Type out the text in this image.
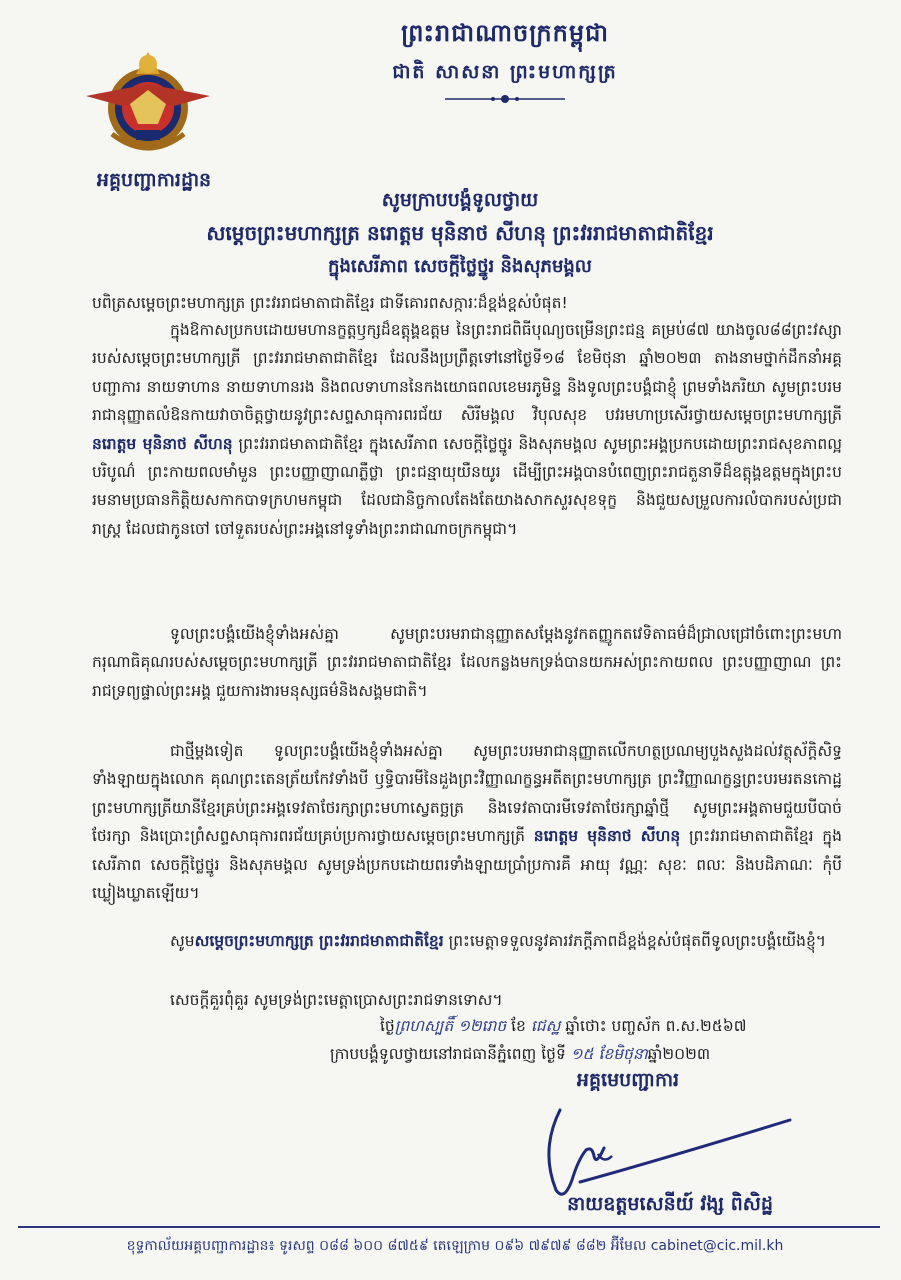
អគ្គបញ្ជាការដ្ឋាន
ព្រះរាជាណាចក្រកម្ពុជា
ជាតិ សាសនា ព្រះមហាក្សត្រ
សូមក្រាបបង្គំទូលថ្វាយ
សម្តេចព្រះមហាក្សត្រ នរោត្តម មុនិនាថ សីហនុ ព្រះវររាជមាតាជាតិខ្មែរ
ក្នុងសេរីភាព សេចក្តីថ្លៃថ្នូរ និងសុភមង្គល

បពិត្រសម្តេចព្រះមហាក្សត្រ ព្រះវររាជមាតាជាតិខ្មែរ ជាទីគោរពសក្ការៈដ៏ខ្ពង់ខ្ពស់បំផុត!

ក្នុងឱកាសប្រកបដោយមហានក្ខត្តឫក្សដ៏ឧត្តុង្គឧត្តម នៃព្រះរាជពិធីបុណ្យចម្រើនព្រះជន្ម គម្រប់៨៧ យាងចូល៨៨ព្រះវស្សារបស់សម្តេចព្រះមហាក្សត្រី ព្រះវររាជមាតាជាតិខ្មែរ ដែលនឹងប្រព្រឹត្តទៅនៅថ្ងៃទី១៨ ខែមិថុនា ឆ្នាំ២០២៣ តាងនាមថ្នាក់ដឹកនាំអគ្គបញ្ជាការ នាយទាហាន នាយទាហានរង និងពលទាហាននៃកងយោធពលខេមរភូមិន្ទ និងទូលព្រះបង្គំជាខ្ញុំ ព្រមទាំងភរិយា សូមព្រះបរមរាជានុញ្ញាតលំឱនកាយវាចាចិត្តថ្វាយនូវព្រះសព្ទសាធុការពរជ័យ សិរីមង្គល វិបុលសុខ បវរមហាប្រសើរថ្វាយសម្តេចព្រះមហាក្សត្រី នរោត្តម មុនិនាថ សីហនុ ព្រះវររាជមាតាជាតិខ្មែរ ក្នុងសេរីភាព សេចក្តីថ្លៃថ្នូរ និងសុភមង្គល សូមព្រះអង្គប្រកបដោយព្រះរាជសុខភាពល្អបរិបូណ៌ ព្រះកាយពលមាំមួន ព្រះបញ្ញាញាណភ្លឺថ្លា ព្រះជន្មាយុយឺនយូរ ដើម្បីព្រះអង្គបានបំពេញព្រះរាជតួនាទីដ៏ឧត្តុង្គឧត្តមក្នុងព្រះបរមនាមប្រធានកិត្តិយសកាកបាទក្រហមកម្ពុជា ដែលជានិច្ចកាលតែងតែយាងសាកសួរសុខទុក្ខ និងជួយសម្រួលការលំបាករបស់ប្រជារាស្ត្រ ដែលជាកូនចៅ ចៅទួតរបស់ព្រះអង្គនៅទូទាំងព្រះរាជាណាចក្រកម្ពុជា។

ទូលព្រះបង្គំយើងខ្ញុំទាំងអស់គ្នា សូមព្រះបរមរាជានុញ្ញាតសម្តែងនូវកតញ្ញូកតវេទិតាធម៌ដ៏ជ្រាលជ្រៅចំពោះព្រះមហាករុណាធិគុណរបស់សម្តេចព្រះមហាក្សត្រី ព្រះវររាជមាតាជាតិខ្មែរ ដែលកន្លងមកទ្រង់បានយកអស់ព្រះកាយពល ព្រះបញ្ញាញាណ ព្រះរាជទ្រព្យផ្ទាល់ព្រះអង្គ ជួយការងារមនុស្សធម៌និងសង្គមជាតិ។

ជាថ្មីម្តងទៀត ទូលព្រះបង្គំយើងខ្ញុំទាំងអស់គ្នា សូមព្រះបរមរាជានុញ្ញាតលើកហត្ថប្រណម្យបួងសួងដល់វត្ថុស័ក្តិសិទ្ធទាំងឡាយក្នុងលោក គុណព្រះតេនត្រ័យកែវទាំងបី ឫទ្ធិបារមីនៃដួងព្រះវិញ្ញាណក្ខន្ធអតីតព្រះមហាក្សត្រ ព្រះវិញ្ញាណក្ខន្ធព្រះបរមរតនកោដ្ឋ ព្រះមហាក្សត្រីយានីខ្មែរគ្រប់ព្រះអង្គទេវតាថែរក្សាព្រះមហាស្វេតច្ឆត្រ និងទេវតាបារមីទេវតាថែរក្សាឆ្នាំថ្មី សូមព្រះអង្គតាមជួយបីបាច់ថែរក្សា និងប្រោះព្រំសព្ទសាធុការពរជ័យគ្រប់ប្រការថ្វាយសម្តេចព្រះមហាក្សត្រី នរោត្តម មុនិនាថ សីហនុ ព្រះវររាជមាតាជាតិខ្មែរ ក្នុងសេរីភាព សេចក្តីថ្លៃថ្នូរ និងសុភមង្គល សូមទ្រង់ប្រកបដោយពរទាំងឡាយប្រាំប្រការគឺ អាយុ វណ្ណៈ សុខៈ ពលៈ និងបដិភាណៈ កុំបីឃ្លៀងឃ្លាតឡើយ។

សូមសម្តេចព្រះមហាក្សត្រ ព្រះវររាជមាតាជាតិខ្មែរ ព្រះមេត្តាទទួលនូវគារវភក្តីភាពដ៏ខ្ពង់ខ្ពស់បំផុតពីទូលព្រះបង្គំយើងខ្ញុំ។

សេចក្តីគួរពុំគួរ សូមទ្រង់ព្រះមេត្តាប្រោសព្រះរាជទានទោស។

ថ្ងៃព្រហស្បតិ៍ ១២រោច ខែ ជេស្ឋ ឆ្នាំថោះ បញ្ចស័ក ព.ស.២៥៦៧
ក្រាបបង្គំទូលថ្វាយនៅរាជធានីភ្នំពេញ ថ្ងៃទី ១៥ ខែមិថុនាឆ្នាំ២០២៣
អគ្គមេបញ្ជាការ
នាយឧត្តមសេនីយ៍ វង្ស ពិសិដ្ឋ
ខុទ្ទកាល័យអគ្គបញ្ជាការដ្ឋាន៖ ទូរសព្ទ ០៨៨ ៦០០ ៨៧៥៩ តេឡេក្រាម ០៩៦ ៧៩៧៩ ៨៨២ អ៊ីមែល cabinet@cic.mil.kh
